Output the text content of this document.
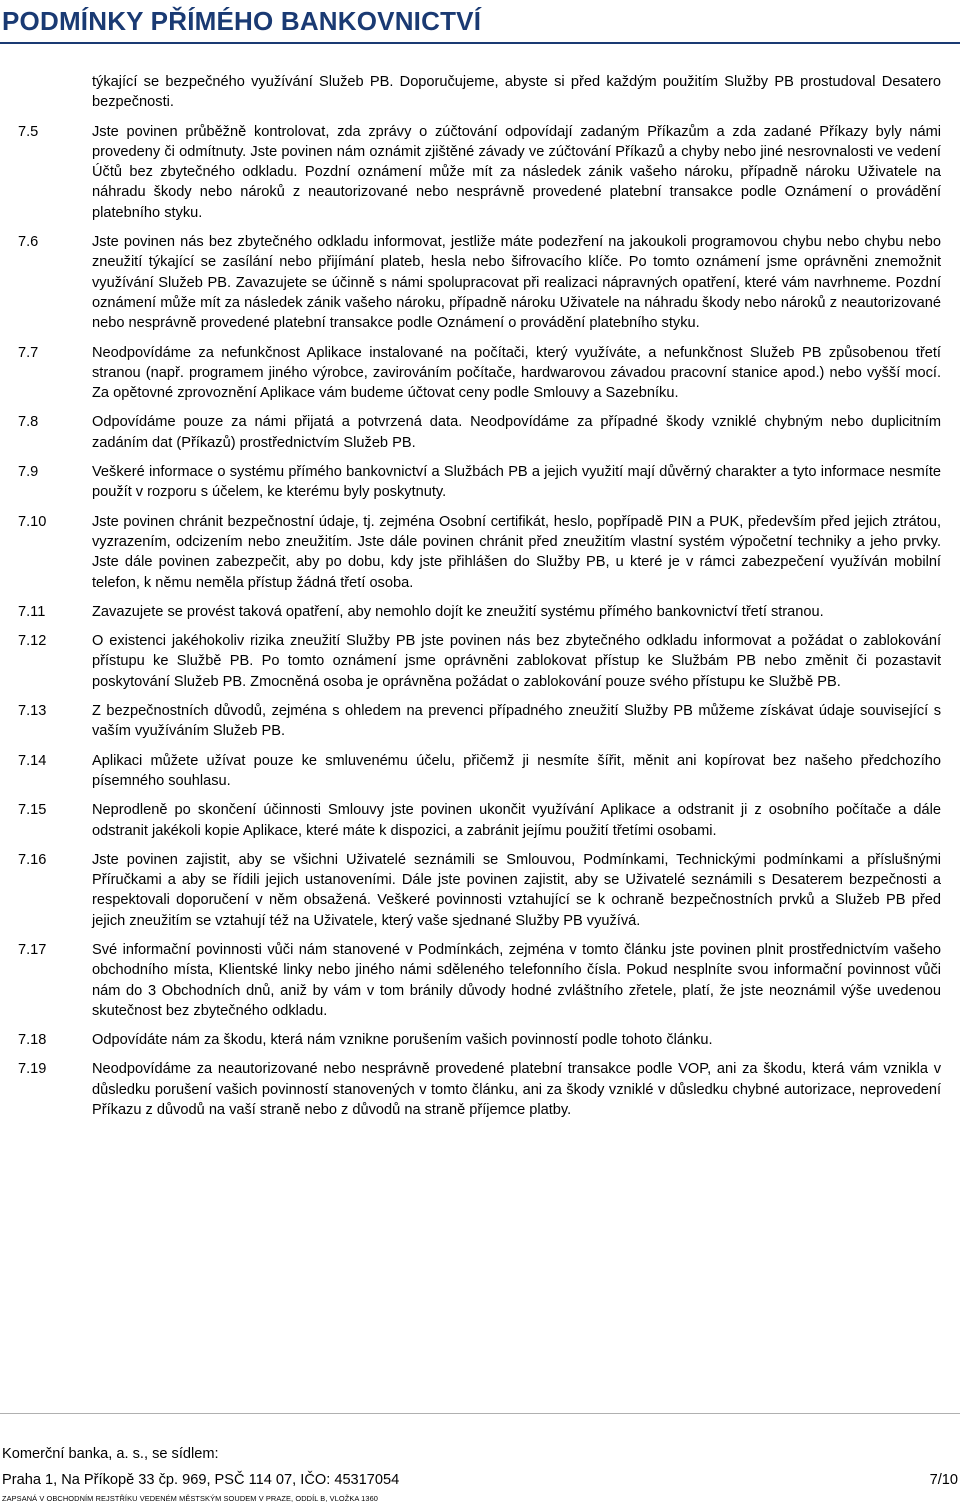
PODMÍNKY PŘÍMÉHO BANKOVNICTVÍ
týkající se bezpečného využívání Služeb PB. Doporučujeme, abyste si před každým použitím Služby PB prostudoval Desatero bezpečnosti.
7.5	Jste povinen průběžně kontrolovat, zda zprávy o zúčtování odpovídají zadaným Příkazům a zda zadané Příkazy byly námi provedeny či odmítnuty. Jste povinen nám oznámit zjištěné závady ve zúčtování Příkazů a chyby nebo jiné nesrovnalosti ve vedení Účtů bez zbytečného odkladu. Pozdní oznámení může mít za následek zánik vašeho nároku, případně nároku Uživatele na náhradu škody nebo nároků z neautorizované nebo nesprávně provedené platební transakce podle Oznámení o provádění platebního styku.
7.6	Jste povinen nás bez zbytečného odkladu informovat, jestliže máte podezření na jakoukoli programovou chybu nebo chybu nebo zneužití týkající se zasílání nebo přijímání plateb, hesla nebo šifrovacího klíče. Po tomto oznámení jsme oprávněni znemožnit využívání Služeb PB. Zavazujete se účinně s námi spolupracovat při realizaci nápravných opatření, které vám navrhneme. Pozdní oznámení může mít za následek zánik vašeho nároku, případně nároku Uživatele na náhradu škody nebo nároků z neautorizované nebo nesprávně provedené platební transakce podle Oznámení o provádění platebního styku.
7.7	Neodpovídáme za nefunkčnost Aplikace instalované na počítači, který využíváte, a nefunkčnost Služeb PB způsobenou třetí stranou (např. programem jiného výrobce, zavirováním počítače, hardwarovou závadou pracovní stanice apod.) nebo vyšší mocí. Za opětovné zprovoznění Aplikace vám budeme účtovat ceny podle Smlouvy a Sazebníku.
7.8	Odpovídáme pouze za námi přijatá a potvrzená data. Neodpovídáme za případné škody vzniklé chybným nebo duplicitním zadáním dat (Příkazů) prostřednictvím Služeb PB.
7.9	Veškeré informace o systému přímého bankovnictví a Službách PB a jejich využití mají důvěrný charakter a tyto informace nesmíte použít v rozporu s účelem, ke kterému byly poskytnuty.
7.10	Jste povinen chránit bezpečnostní údaje, tj. zejména Osobní certifikát, heslo, popřípadě PIN a PUK, především před jejich ztrátou, vyzrazením, odcizením nebo zneužitím. Jste dále povinen chránit před zneužitím vlastní systém výpočetní techniky a jeho prvky. Jste dále povinen zabezpečit, aby po dobu, kdy jste přihlášen do Služby PB, u které je v rámci zabezpečení využíván mobilní telefon, k němu neměla přístup žádná třetí osoba.
7.11	Zavazujete se provést taková opatření, aby nemohlo dojít ke zneužití systému přímého bankovnictví třetí stranou.
7.12	O existenci jakéhokoliv rizika zneužití Služby PB jste povinen nás bez zbytečného odkladu informovat a požádat o zablokování přístupu ke Službě PB. Po tomto oznámení jsme oprávněni zablokovat přístup ke Službám PB nebo změnit či pozastavit poskytování Služeb PB. Zmocněná osoba je oprávněna požádat o zablokování pouze svého přístupu ke Službě PB.
7.13	Z bezpečnostních důvodů, zejména s ohledem na prevenci případného zneužití Služby PB můžeme získávat údaje související s vaším využíváním Služeb PB.
7.14	Aplikaci můžete užívat pouze ke smluvenému účelu, přičemž ji nesmíte šířit, měnit ani kopírovat bez našeho předchozího písemného souhlasu.
7.15	Neprodleně po skončení účinnosti Smlouvy jste povinen ukončit využívání Aplikace a odstranit ji z osobního počítače a dále odstranit jakékoli kopie Aplikace, které máte k dispozici, a zabránit jejímu použití třetími osobami.
7.16	Jste povinen zajistit, aby se všichni Uživatelé seznámili se Smlouvou, Podmínkami, Technickými podmínkami a příslušnými Příručkami a aby se řídili jejich ustanoveními. Dále jste povinen zajistit, aby se Uživatelé seznámili s Desaterem bezpečnosti a respektovali doporučení v něm obsažená. Veškeré povinnosti vztahující se k ochraně bezpečnostních prvků a Služeb PB před jejich zneužitím se vztahují též na Uživatele, který vaše sjednané Služby PB využívá.
7.17	Své informační povinnosti vůči nám stanovené v Podmínkách, zejména v tomto článku jste povinen plnit prostřednictvím vašeho obchodního místa, Klientské linky nebo jiného námi sděleného telefonního čísla. Pokud nesplníte svou informační povinnost vůči nám do 3 Obchodních dnů, aniž by vám v tom bránily důvody hodné zvláštního zřetele, platí, že jste neoznámil výše uvedenou skutečnost bez zbytečného odkladu.
7.18	Odpovídáte nám za škodu, která nám vznikne porušením vašich povinností podle tohoto článku.
7.19	Neodpovídáme za neautorizované nebo nesprávně provedené platební transakce podle VOP, ani za škodu, která vám vznikla v důsledku porušení vašich povinností stanovených v tomto článku, ani za škody vzniklé v důsledku chybné autorizace, neprovedení Příkazu z důvodů na vaší straně nebo z důvodů na straně příjemce platby.
Komerční banka, a. s., se sídlem:
Praha 1, Na Příkopě 33 čp. 969, PSČ 114 07, IČO: 45317054	7/10
ZAPSANÁ V OBCHODNÍM REJSTŘÍKU VEDENÉM MĚSTSKÝM SOUDEM V PRAZE, ODDÍL B, VLOŽKA 1360
